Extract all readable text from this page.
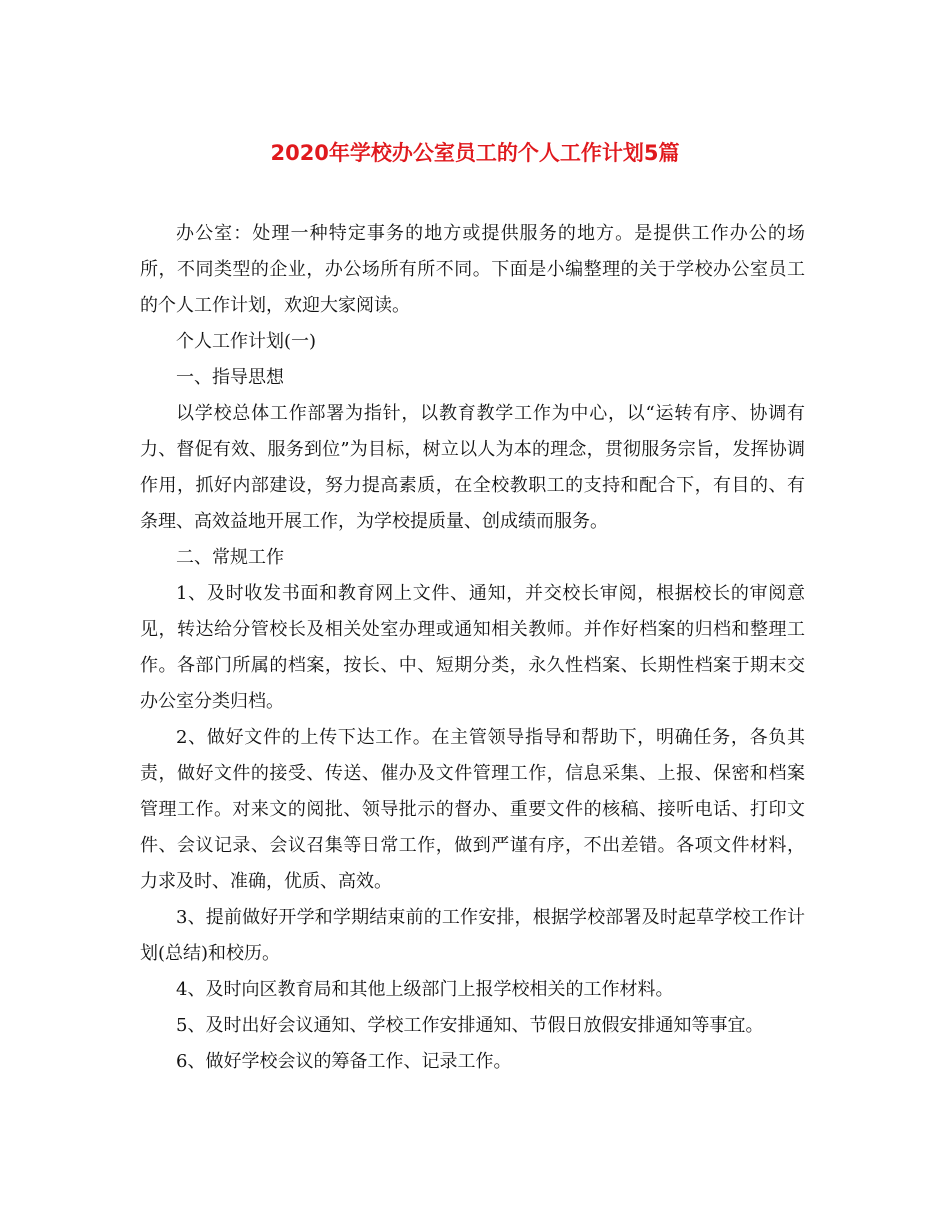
2020年学校办公室员工的个人工作计划5篇

办公室：处理一种特定事务的地方或提供服务的地方。是提供工作办公的场所，不同类型的企业，办公场所有所不同。下面是小编整理的关于学校办公室员工的个人工作计划，欢迎大家阅读。

个人工作计划(一)

一、指导思想

以学校总体工作部署为指针，以教育教学工作为中心，以“运转有序、协调有力、督促有效、服务到位”为目标，树立以人为本的理念，贯彻服务宗旨，发挥协调作用，抓好内部建设，努力提高素质，在全校教职工的支持和配合下，有目的、有条理、高效益地开展工作，为学校提质量、创成绩而服务。

二、常规工作

1、及时收发书面和教育网上文件、通知，并交校长审阅，根据校长的审阅意见，转达给分管校长及相关处室办理或通知相关教师。并作好档案的归档和整理工作。各部门所属的档案，按长、中、短期分类，永久性档案、长期性档案于期末交办公室分类归档。

2、做好文件的上传下达工作。在主管领导指导和帮助下，明确任务，各负其责，做好文件的接受、传送、催办及文件管理工作，信息采集、上报、保密和档案管理工作。对来文的阅批、领导批示的督办、重要文件的核稿、接听电话、打印文件、会议记录、会议召集等日常工作，做到严谨有序，不出差错。各项文件材料，力求及时、准确，优质、高效。

3、提前做好开学和学期结束前的工作安排，根据学校部署及时起草学校工作计划(总结)和校历。

4、及时向区教育局和其他上级部门上报学校相关的工作材料。

5、及时出好会议通知、学校工作安排通知、节假日放假安排通知等事宜。

6、做好学校会议的筹备工作、记录工作。
